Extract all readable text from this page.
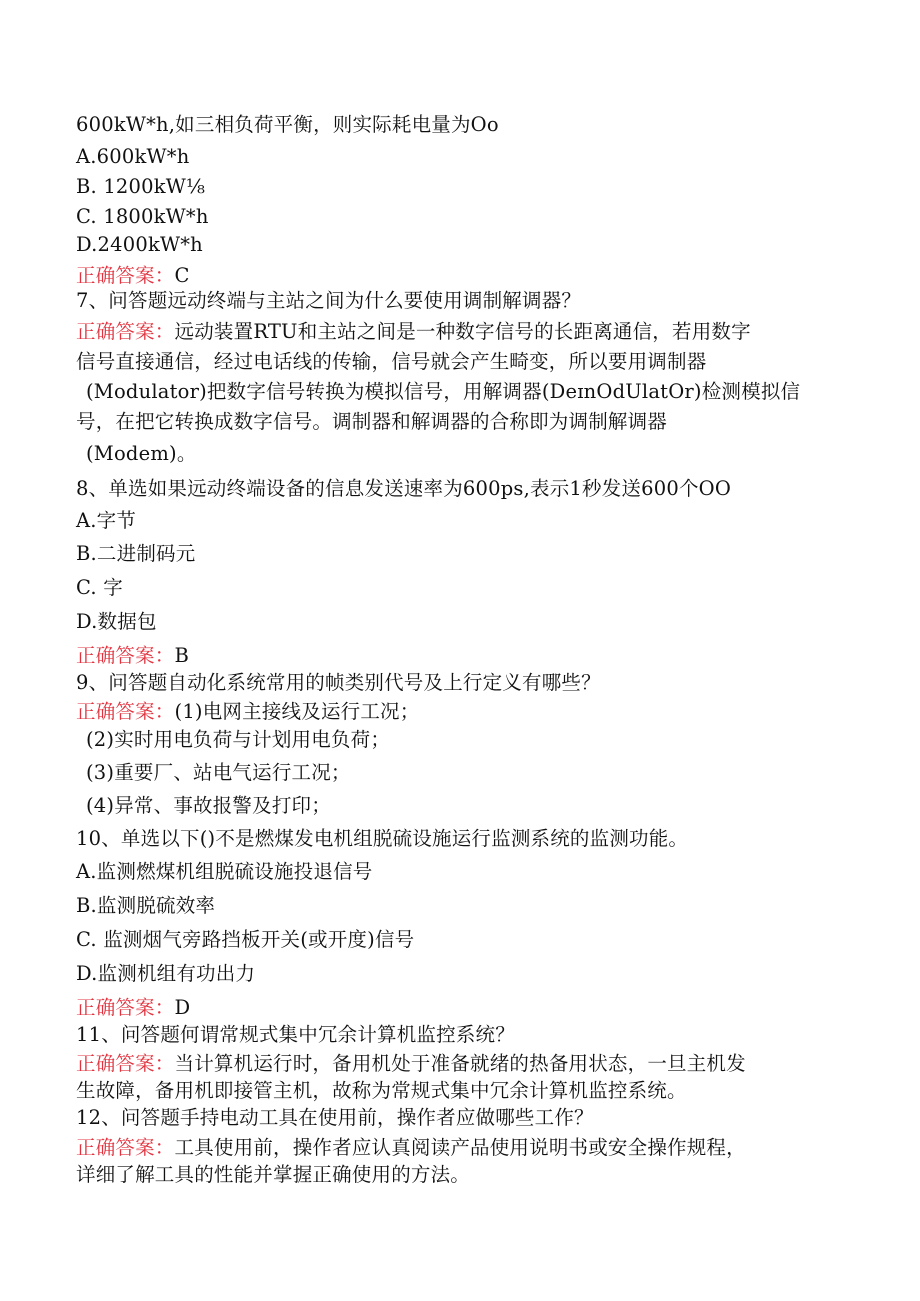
600kW*h,如三相负荷平衡，则实际耗电量为Oo
A.600kW*h
B. 1200kW⅛
C. 1800kW*h
D.2400kW*h
正确答案：C
7、问答题远动终端与主站之间为什么要使用调制解调器？
正确答案：远动装置RTU和主站之间是一种数字信号的长距离通信，若用数字
信号直接通信，经过电话线的传输，信号就会产生畸变，所以要用调制器
(Modulator)把数字信号转换为模拟信号，用解调器(DeɪnOdUlatOr)检测模拟信
号，在把它转换成数字信号。调制器和解调器的合称即为调制解调器
(Modem)。
8、单选如果远动终端设备的信息发送速率为600ps,表示1秒发送600个OO
A.字节
B.二进制码元
C. 字
D.数据包
正确答案：B
9、问答题自动化系统常用的帧类别代号及上行定义有哪些？
正确答案：(1)电网主接线及运行工况；
(2)实时用电负荷与计划用电负荷；
(3)重要厂、站电气运行工况；
(4)异常、事故报警及打印；
10、单选以下()不是燃煤发电机组脱硫设施运行监测系统的监测功能。
A.监测燃煤机组脱硫设施投退信号
B.监测脱硫效率
C. 监测烟气旁路挡板开关(或开度)信号
D.监测机组有功出力
正确答案：D
11、问答题何谓常规式集中冗余计算机监控系统？
正确答案：当计算机运行时，备用机处于准备就绪的热备用状态，一旦主机发
生故障，备用机即接管主机，故称为常规式集中冗余计算机监控系统。
12、问答题手持电动工具在使用前，操作者应做哪些工作？
正确答案：工具使用前，操作者应认真阅读产品使用说明书或安全操作规程，
详细了解工具的性能并掌握正确使用的方法。
